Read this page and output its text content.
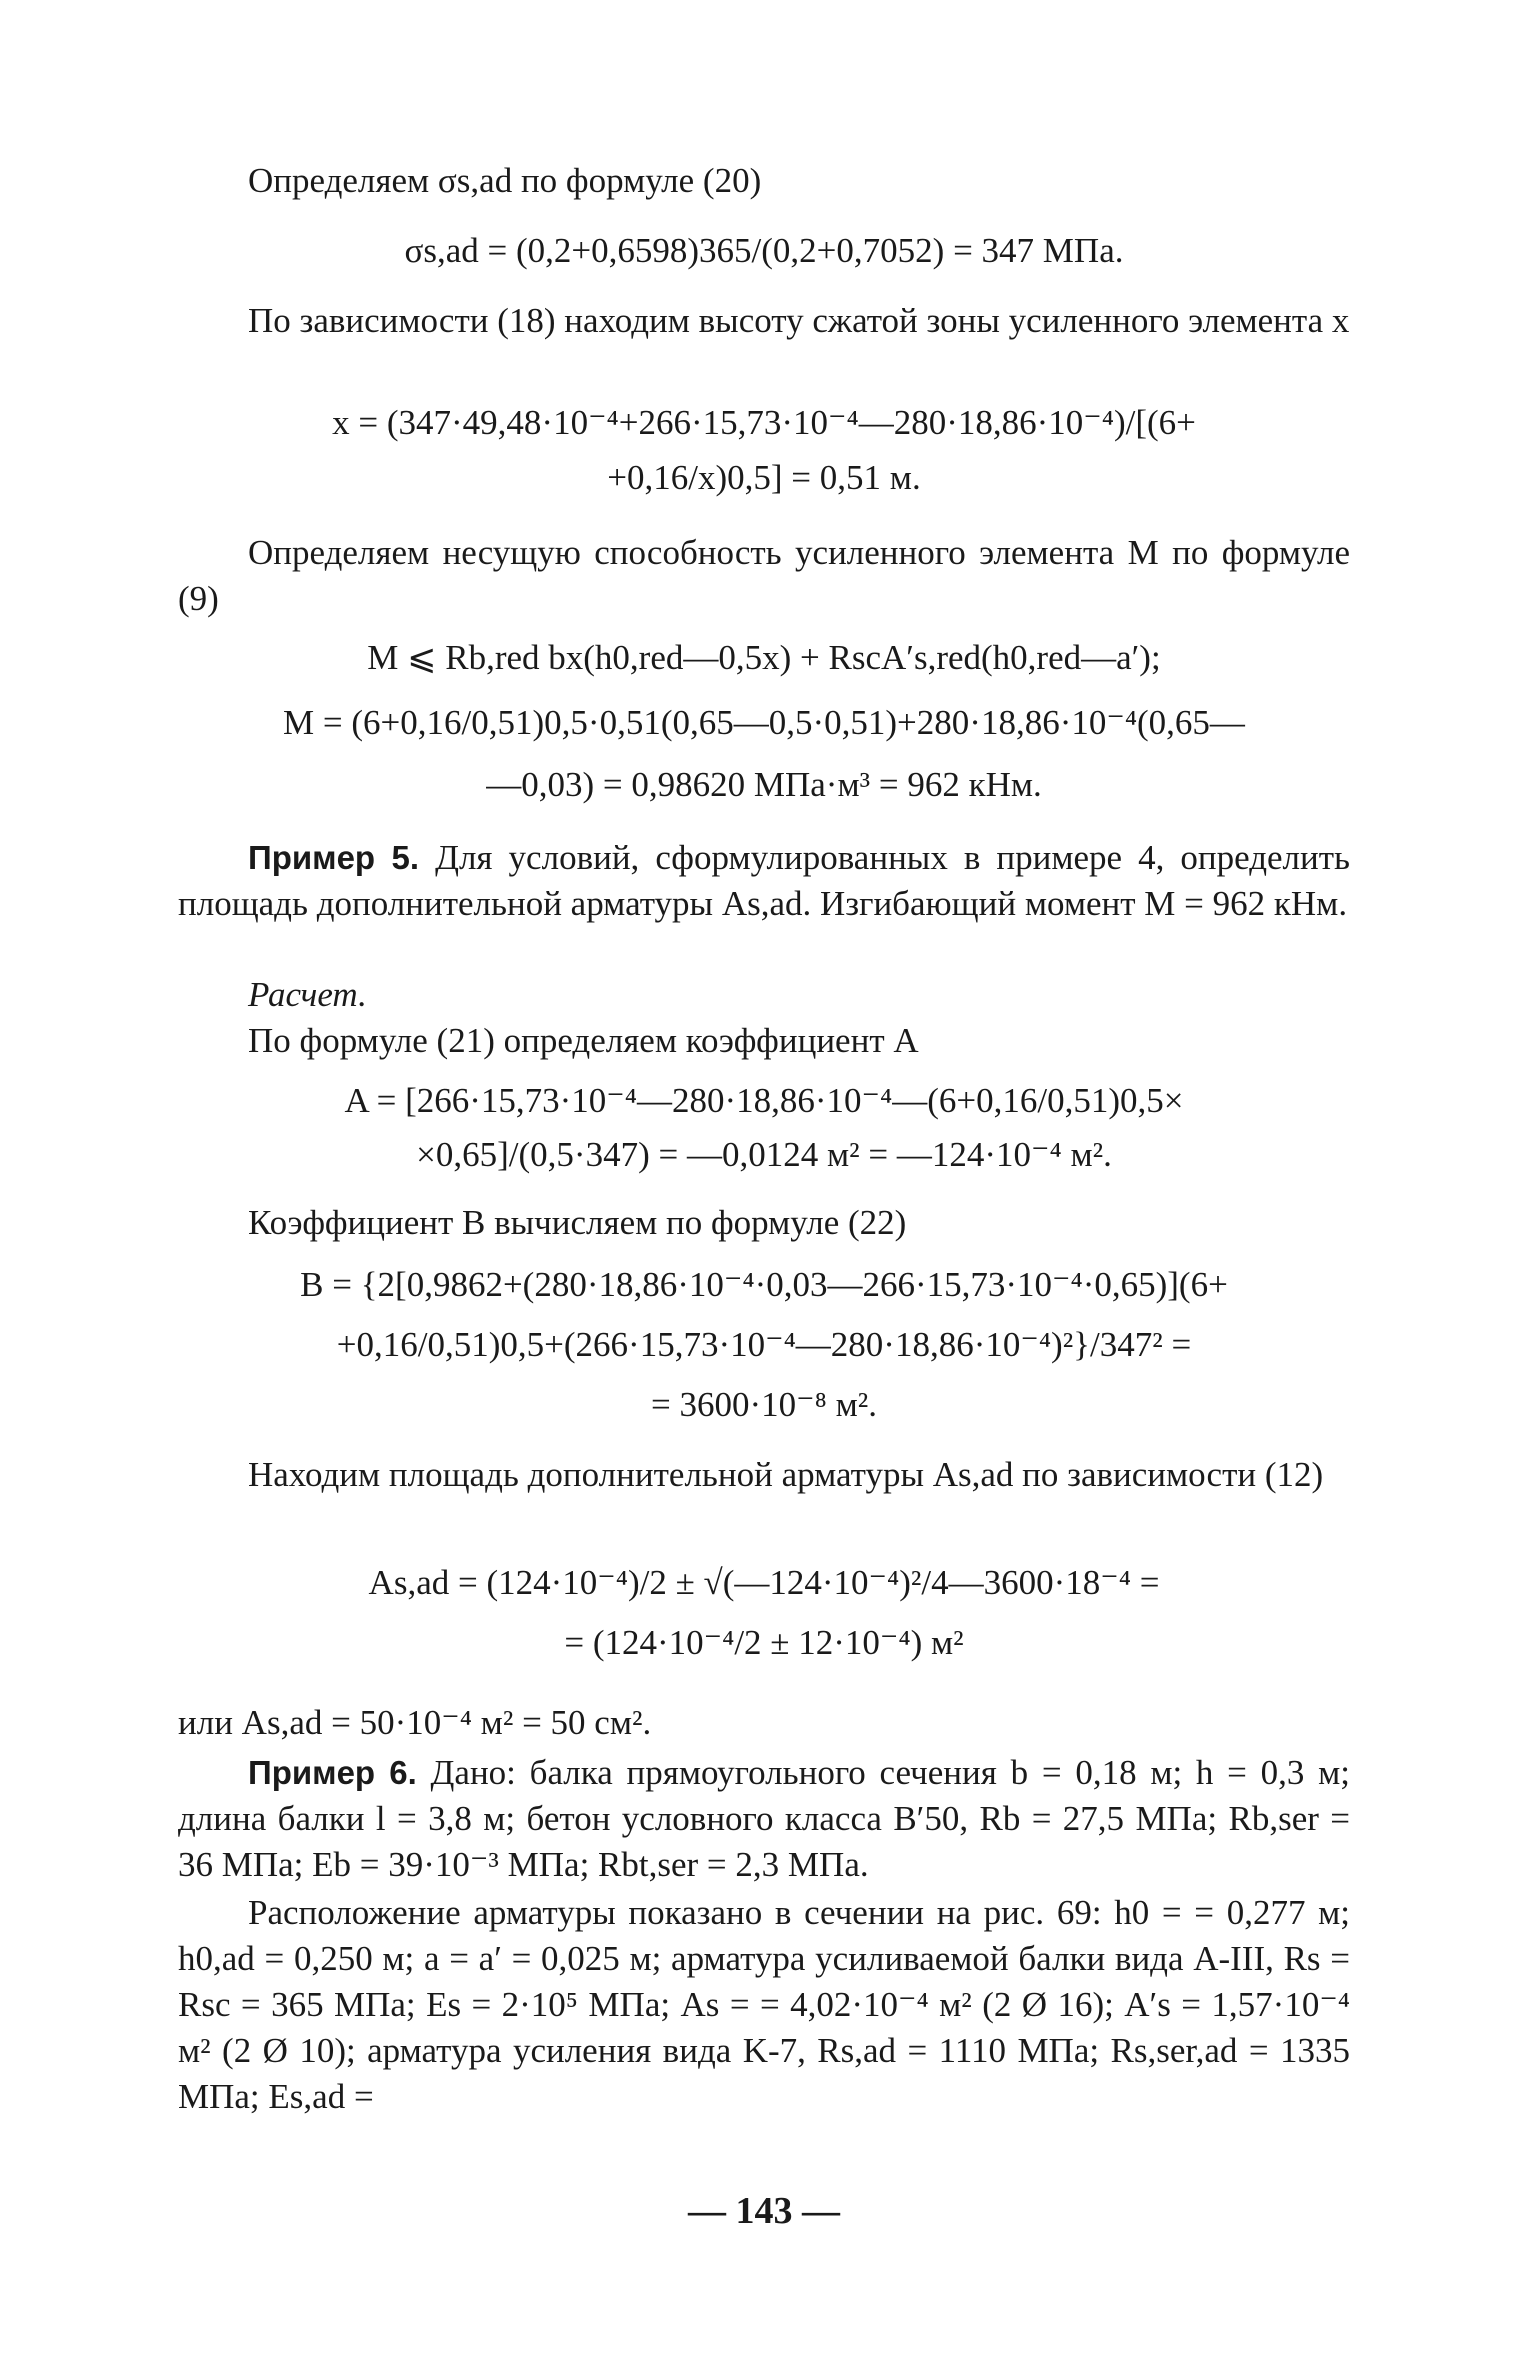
Определяем σs,ad по формуле (20)
σs,ad = (0,2+0,6598)365/(0,2+0,7052) = 347 МПа.
По зависимости (18) находим высоту сжатой зоны усиленного элемента x
x = (347·49,48·10⁻⁴+266·15,73·10⁻⁴—280·18,86·10⁻⁴)/[(6+
+0,16/x)0,5] = 0,51 м.
Определяем несущую способность усиленного элемента M по формуле (9)
M ⩽ Rb,red bx(h0,red—0,5x) + RscA′s,red(h0,red—a′);
M = (6+0,16/0,51)0,5·0,51(0,65—0,5·0,51)+280·18,86·10⁻⁴(0,65—
—0,03) = 0,98620 МПа·м³ = 962 кНм.
Пример 5. Для условий, сформулированных в примере 4, определить площадь дополнительной арматуры As,ad. Изгибающий момент M = 962 кНм.
Расчет.
По формуле (21) определяем коэффициент A
A = [266·15,73·10⁻⁴—280·18,86·10⁻⁴—(6+0,16/0,51)0,5×
×0,65]/(0,5·347) = —0,0124 м² = —124·10⁻⁴ м².
Коэффициент B вычисляем по формуле (22)
B = {2[0,9862+(280·18,86·10⁻⁴·0,03—266·15,73·10⁻⁴·0,65)](6+
+0,16/0,51)0,5+(266·15,73·10⁻⁴—280·18,86·10⁻⁴)²}/347² =
= 3600·10⁻⁸ м².
Находим площадь дополнительной арматуры As,ad по зависимости (12)
As,ad = (124·10⁻⁴)/2 ± √(—124·10⁻⁴)²/4—3600·18⁻⁴ =
= (124·10⁻⁴/2 ± 12·10⁻⁴) м²
или As,ad = 50·10⁻⁴ м² = 50 см².
Пример 6. Дано: балка прямоугольного сечения b = 0,18 м; h = 0,3 м; длина балки l = 3,8 м; бетон условного класса B′50, Rb = 27,5 МПа; Rb,ser = 36 МПа; Eb = 39·10⁻³ МПа; Rbt,ser = 2,3 МПа.
Расположение арматуры показано в сечении на рис. 69: h0 = = 0,277 м; h0,ad = 0,250 м; a = a′ = 0,025 м; арматура усиливаемой балки вида A-III, Rs = Rsc = 365 МПа; Es = 2·10⁵ МПа; As = = 4,02·10⁻⁴ м² (2 Ø 16); A′s = 1,57·10⁻⁴ м² (2 Ø 10); арматура усиления вида K-7, Rs,ad = 1110 МПа; Rs,ser,ad = 1335 МПа; Es,ad =
— 143 —
